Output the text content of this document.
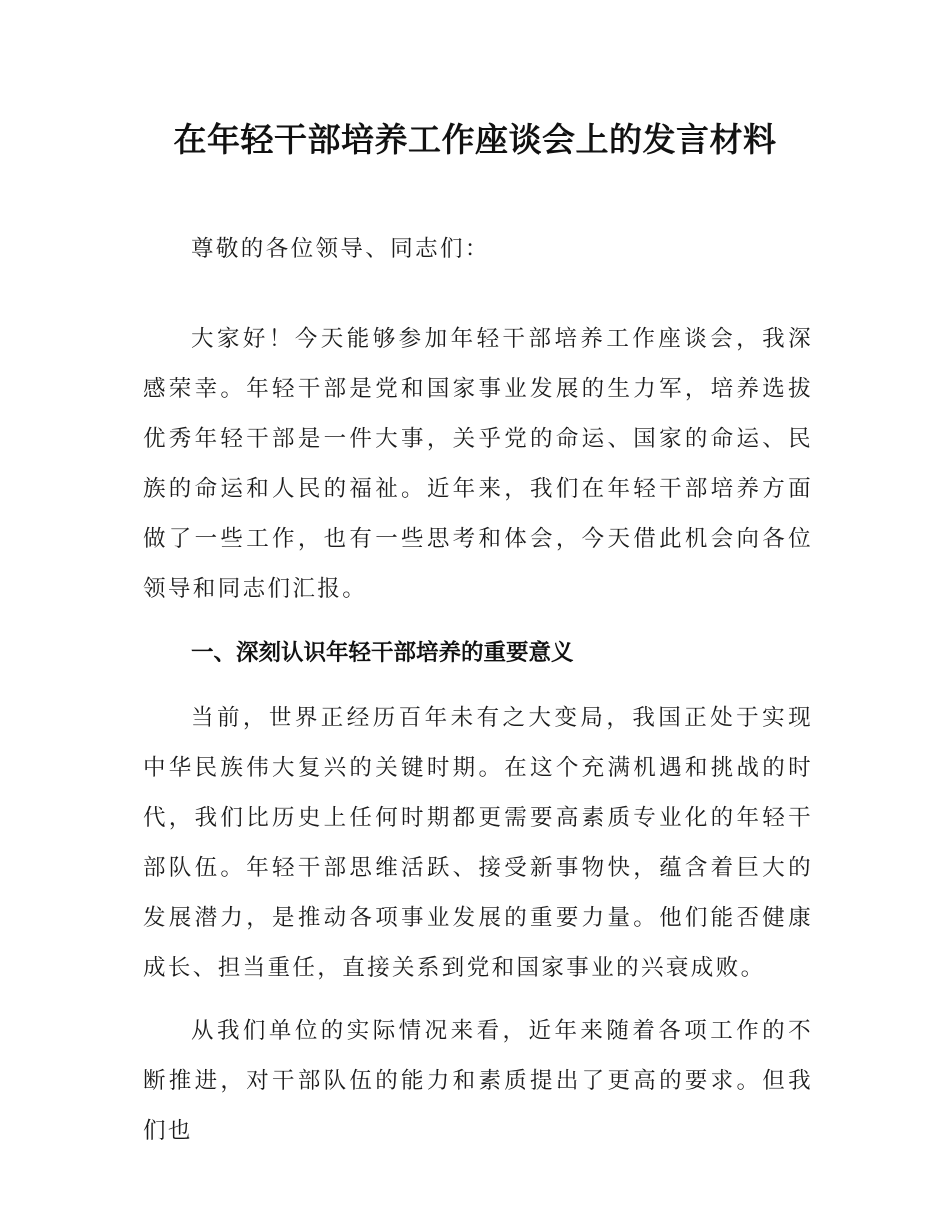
在年轻干部培养工作座谈会上的发言材料

尊敬的各位领导、同志们：

大家好！今天能够参加年轻干部培养工作座谈会，我深感荣幸。年轻干部是党和国家事业发展的生力军，培养选拔优秀年轻干部是一件大事，关乎党的命运、国家的命运、民族的命运和人民的福祉。近年来，我们在年轻干部培养方面做了一些工作，也有一些思考和体会，今天借此机会向各位领导和同志们汇报。

一、深刻认识年轻干部培养的重要意义

当前，世界正经历百年未有之大变局，我国正处于实现中华民族伟大复兴的关键时期。在这个充满机遇和挑战的时代，我们比历史上任何时期都更需要高素质专业化的年轻干部队伍。年轻干部思维活跃、接受新事物快，蕴含着巨大的发展潜力，是推动各项事业发展的重要力量。他们能否健康成长、担当重任，直接关系到党和国家事业的兴衰成败。

从我们单位的实际情况来看，近年来随着各项工作的不断推进，对干部队伍的能力和素质提出了更高的要求。但我们也
